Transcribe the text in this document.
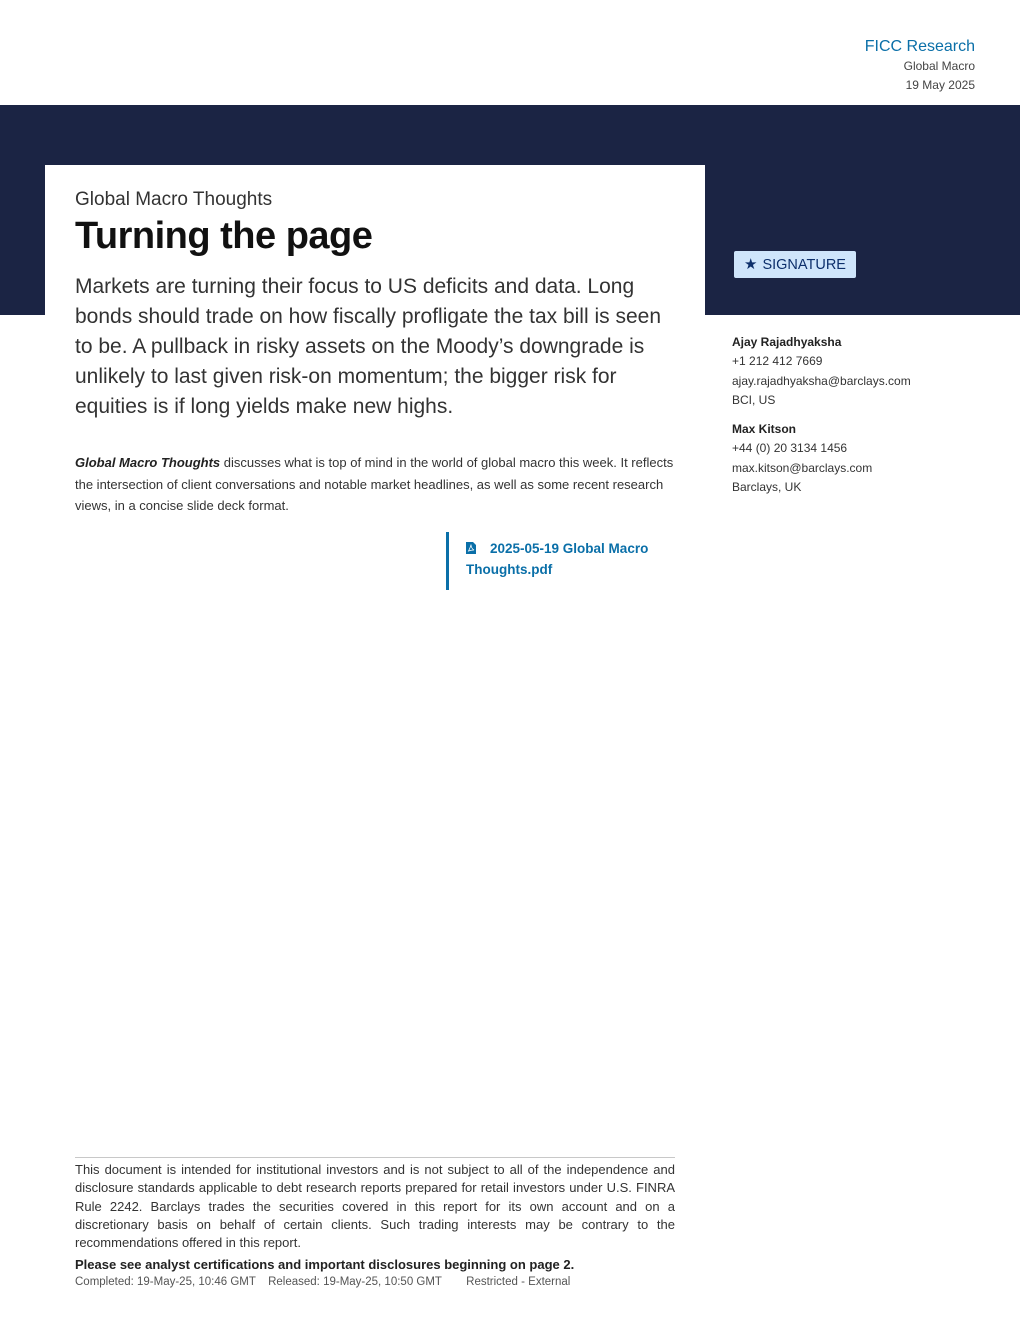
FICC Research
Global Macro
19 May 2025
Global Macro Thoughts
Turning the page

Markets are turning their focus to US deficits and data. Long bonds should trade on how fiscally profligate the tax bill is seen to be. A pullback in risky assets on the Moody’s downgrade is unlikely to last given risk-on momentum; the bigger risk for equities is if long yields make new highs.

Global Macro Thoughts discusses what is top of mind in the world of global macro this week. It reflects the intersection of client conversations and notable market headlines, as well as some recent research views, in a concise slide deck format.

2025-05-19 Global Macro Thoughts.pdf
★ SIGNATURE
Ajay Rajadhyaksha
+1 212 412 7669
ajay.rajadhyaksha@barclays.com
BCI, US
Max Kitson
+44 (0) 20 3134 1456
max.kitson@barclays.com
Barclays, UK

This document is intended for institutional investors and is not subject to all of the independence and disclosure standards applicable to debt research reports prepared for retail investors under U.S. FINRA Rule 2242. Barclays trades the securities covered in this report for its own account and on a discretionary basis on behalf of certain clients. Such trading interests may be contrary to the recommendations offered in this report.

Please see analyst certifications and important disclosures beginning on page 2.
Completed: 19-May-25, 10:46 GMT Released: 19-May-25, 10:50 GMT Restricted - External
